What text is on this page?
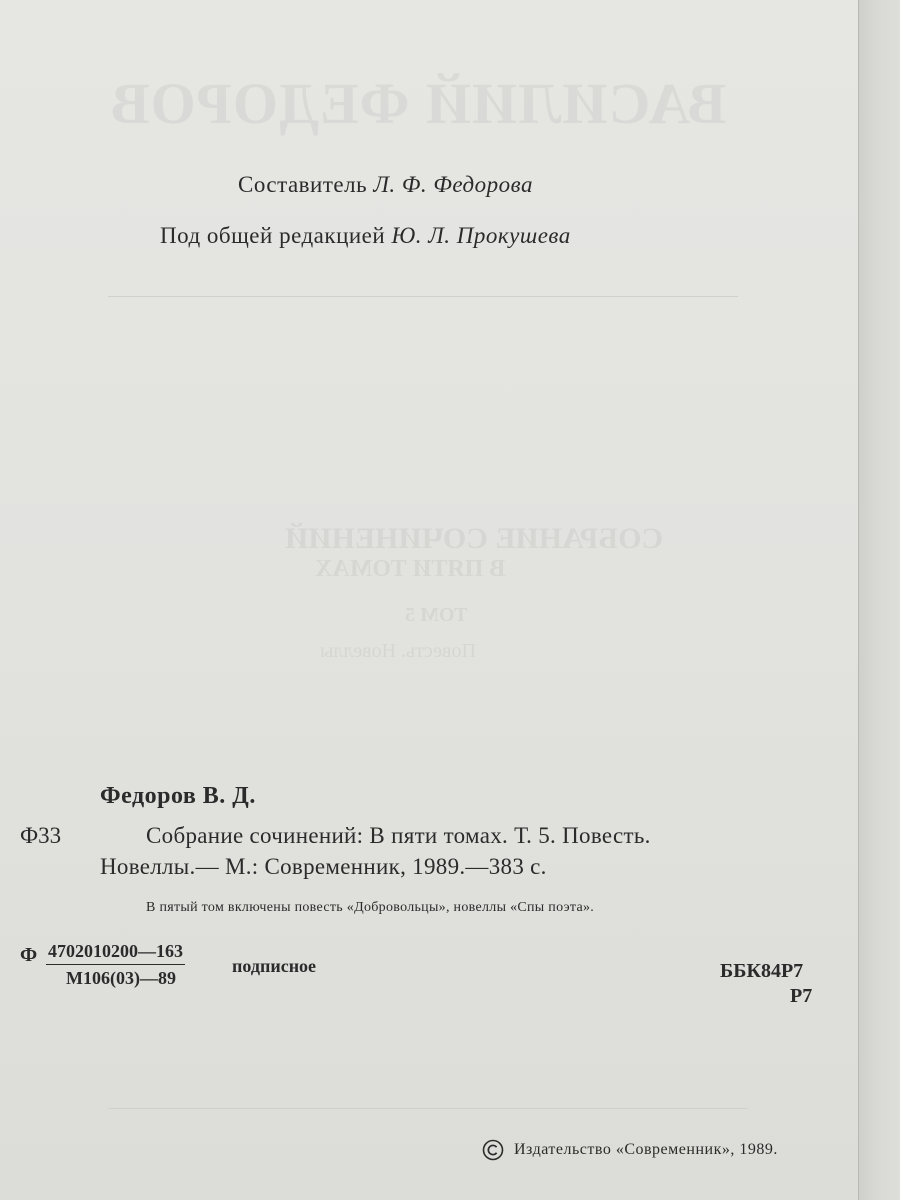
ВАСИЛИЙ ФЕДОРОВ
СОБРАНИЕ СОЧИНЕНИЙ
В ПЯТИ ТОМАХ
ТОМ 5
Повесть. Новеллы
Составитель Л. Ф. Федорова
Под общей редакцией Ю. Л. Прокушева
Федоров В. Д.
Ф33	Собрание сочинений: В пяти томах. Т. 5. Повесть.
Новеллы.— М.: Современник, 1989.—383 с.
В пятый том включены повесть «Добровольцы», новеллы «Спы поэта».
Ф 4702010200—163
М106(03)—89
подписное	ББК84Р7
Р7
Издательство «Современник», 1989.
